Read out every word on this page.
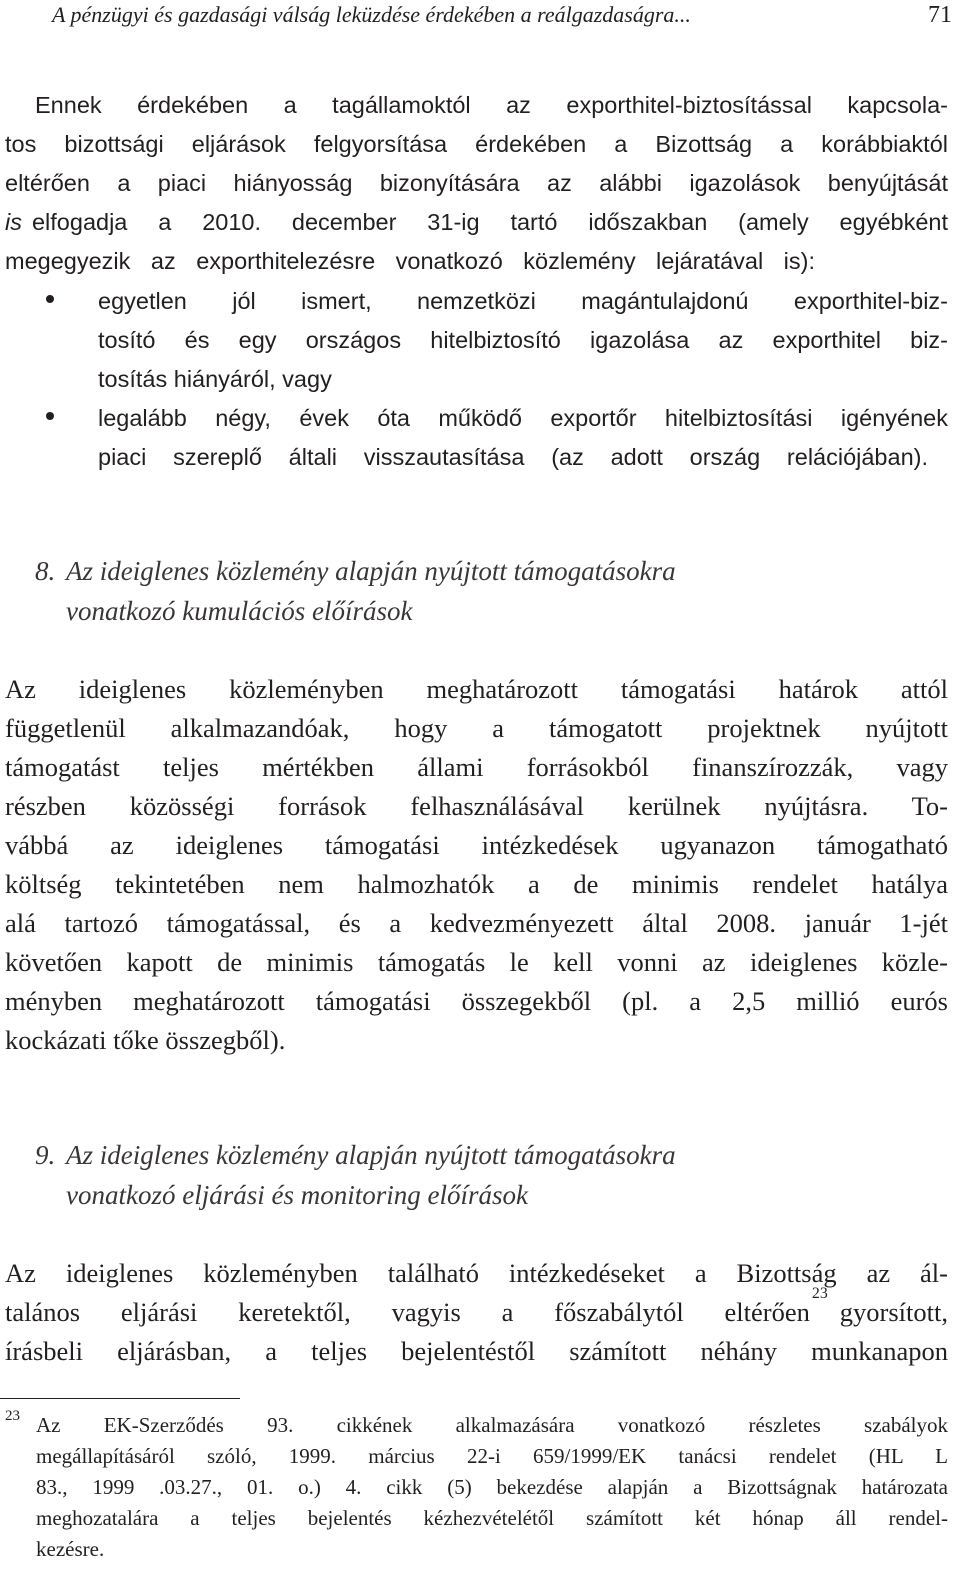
A pénzügyi és gazdasági válság leküzdése érdekében a reálgazdaságra...	71
Ennek érdekében a tagállamoktól az exporthitel-biztosítással kapcsola-
tos bizottsági eljárások felgyorsítása érdekében a Bizottság a korábbiaktól
eltérően a piaci hiányosság bizonyítására az alábbi igazolások benyújtását
is elfogadja a 2010. december 31-ig tartó időszakban (amely egyébként
megegyezik az exporthitelezésre vonatkozó közlemény lejáratával is):
egyetlen jól ismert, nemzetközi magántulajdonú exporthitel-biz-
tosító és egy országos hitelbiztosító igazolása az exporthitel biz-
tosítás hiányáról, vagy
legalább négy, évek óta működő exportőr hitelbiztosítási igényének
piaci szereplő általi visszautasítása (az adott ország relációjában).
8. Az ideiglenes közlemény alapján nyújtott támogatásokra
vonatkozó kumulációs előírások
Az ideiglenes közleményben meghatározott támogatási határok attól
függetlenül alkalmazandóak, hogy a támogatott projektnek nyújtott
támogatást teljes mértékben állami forrásokból finanszírozzák, vagy
részben közösségi források felhasználásával kerülnek nyújtásra. To-
vábbá az ideiglenes támogatási intézkedések ugyanazon támogatható
költség tekintetében nem halmozhatók a de minimis rendelet hatálya
alá tartozó támogatással, és a kedvezményezett által 2008. január 1-jét
követően kapott de minimis támogatás le kell vonni az ideiglenes közle-
ményben meghatározott támogatási összegekből (pl. a 2,5 millió eurós
kockázati tőke összegből).
9. Az ideiglenes közlemény alapján nyújtott támogatásokra
vonatkozó eljárási és monitoring előírások
Az ideiglenes közleményben található intézkedéseket a Bizottság az ál-
talános eljárási keretektől, vagyis a főszabálytól eltérően
23
gyorsított,
írásbeli eljárásban, a teljes bejelentéstől számított néhány munkanapon
23 Az EK-Szerződés 93. cikkének alkalmazására vonatkozó részletes szabályok
megállapításáról szóló, 1999. március 22-i 659/1999/EK tanácsi rendelet (HL L
83., 1999 .03.27., 01. o.) 4. cikk (5) bekezdése alapján a Bizottságnak határozata
meghozatalára a teljes bejelentés kézhezvételétől számított két hónap áll rendel-
kezésre.
